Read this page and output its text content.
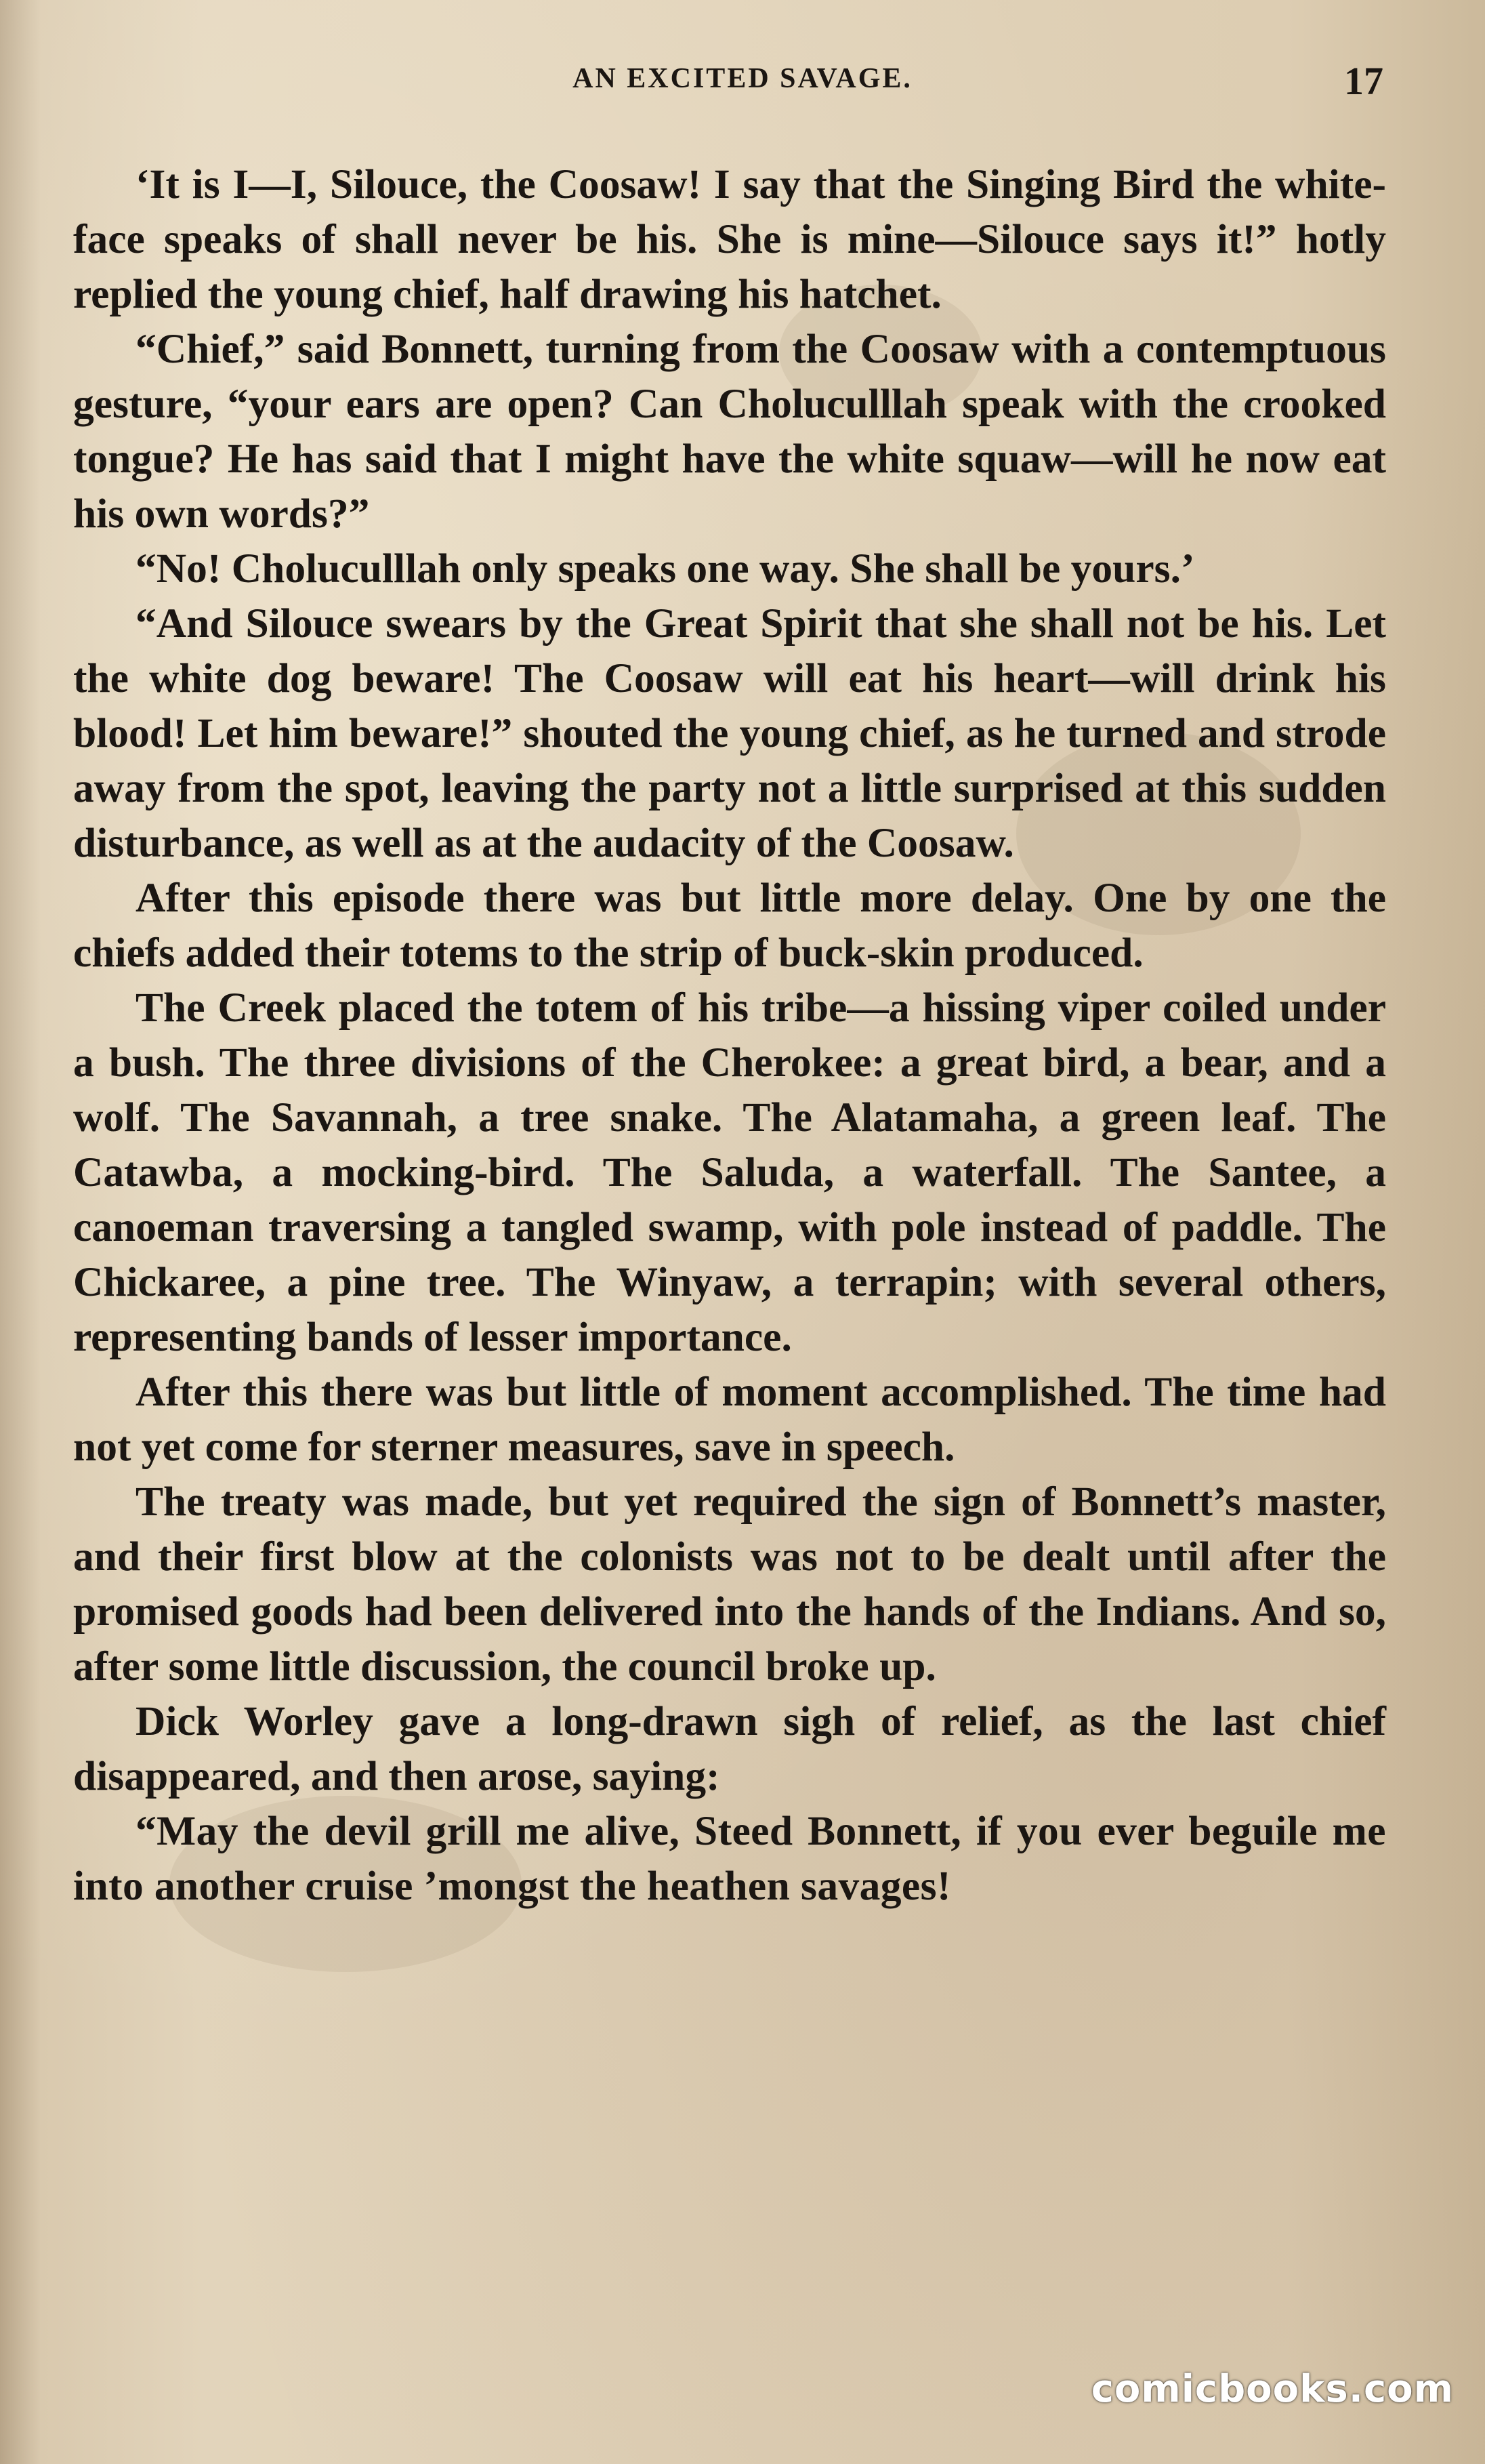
AN EXCITED SAVAGE.	17

‘It is I—I, Silouce, the Coosaw! I say that the Singing Bird the white-face speaks of shall never be his. She is mine—Silouce says it!” hotly replied the young chief, half drawing his hatchet.

“Chief,” said Bonnett, turning from the Coosaw with a contemptuous gesture, “your ears are open? Can Choluculllah speak with the crooked tongue? He has said that I might have the white squaw—will he now eat his own words?”

“No! Choluculllah only speaks one way. She shall be yours.’

“And Silouce swears by the Great Spirit that she shall not be his. Let the white dog beware! The Coosaw will eat his heart—will drink his blood! Let him beware!” shouted the young chief, as he turned and strode away from the spot, leaving the party not a little surprised at this sudden disturbance, as well as at the audacity of the Coosaw.

After this episode there was but little more delay. One by one the chiefs added their totems to the strip of buck-skin produced.

The Creek placed the totem of his tribe—a hissing viper coiled under a bush. The three divisions of the Cherokee: a great bird, a bear, and a wolf. The Savannah, a tree snake. The Alatamaha, a green leaf. The Catawba, a mocking-bird. The Saluda, a waterfall. The Santee, a canoeman traversing a tangled swamp, with pole instead of paddle. The Chickaree, a pine tree. The Winyaw, a terrapin; with several others, representing bands of lesser importance.

After this there was but little of moment accomplished. The time had not yet come for sterner measures, save in speech.

The treaty was made, but yet required the sign of Bonnett’s master, and their first blow at the colonists was not to be dealt until after the promised goods had been delivered into the hands of the Indians. And so, after some little discussion, the council broke up.

Dick Worley gave a long-drawn sigh of relief, as the last chief disappeared, and then arose, saying:

“May the devil grill me alive, Steed Bonnett, if you ever beguile me into another cruise ’mongst the heathen savages!

comicbooks.com
